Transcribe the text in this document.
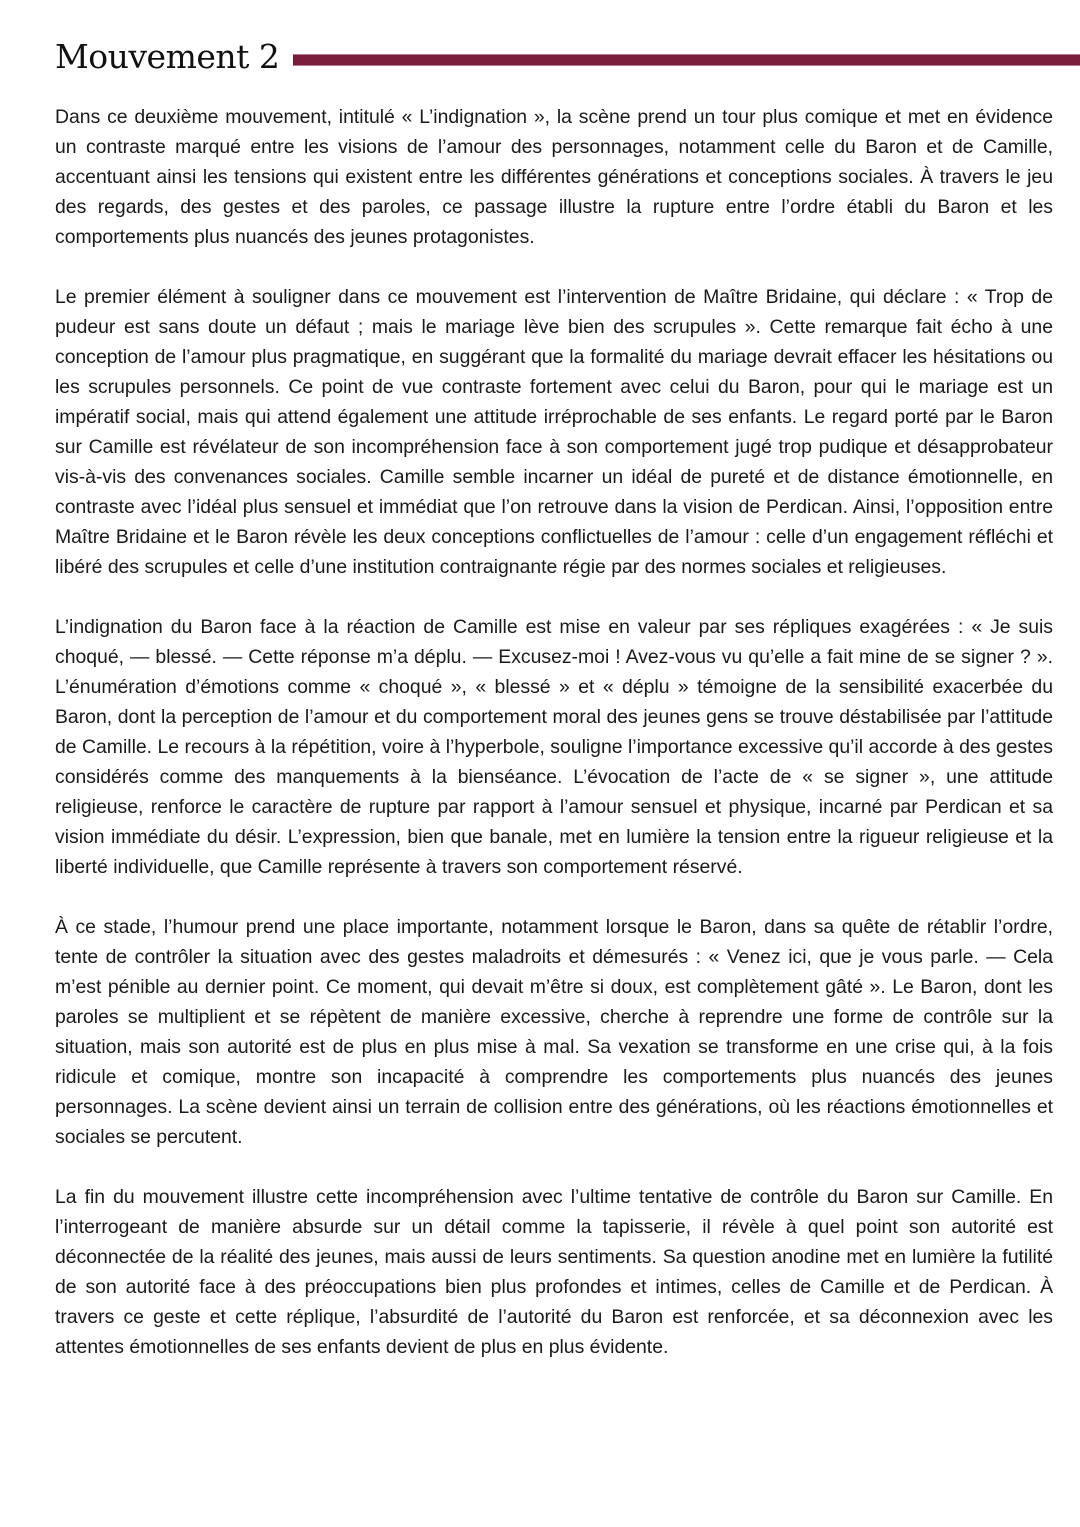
Mouvement 2

Dans ce deuxième mouvement, intitulé « L’indignation », la scène prend un tour plus comique et met en évidence un contraste marqué entre les visions de l’amour des personnages, notamment celle du Baron et de Camille, accentuant ainsi les tensions qui existent entre les différentes générations et conceptions sociales. À travers le jeu des regards, des gestes et des paroles, ce passage illustre la rupture entre l’ordre établi du Baron et les comportements plus nuancés des jeunes protagonistes.

Le premier élément à souligner dans ce mouvement est l’intervention de Maître Bridaine, qui déclare : « Trop de pudeur est sans doute un défaut ; mais le mariage lève bien des scrupules ». Cette remarque fait écho à une conception de l’amour plus pragmatique, en suggérant que la formalité du mariage devrait effacer les hésitations ou les scrupules personnels. Ce point de vue contraste fortement avec celui du Baron, pour qui le mariage est un impératif social, mais qui attend également une attitude irréprochable de ses enfants. Le regard porté par le Baron sur Camille est révélateur de son incompréhension face à son comportement jugé trop pudique et désapprobateur vis-à-vis des convenances sociales. Camille semble incarner un idéal de pureté et de distance émotionnelle, en contraste avec l’idéal plus sensuel et immédiat que l’on retrouve dans la vision de Perdican. Ainsi, l’opposition entre Maître Bridaine et le Baron révèle les deux conceptions conflictuelles de l’amour : celle d’un engagement réfléchi et libéré des scrupules et celle d’une institution contraignante régie par des normes sociales et religieuses.

L’indignation du Baron face à la réaction de Camille est mise en valeur par ses répliques exagérées : « Je suis choqué, — blessé. — Cette réponse m’a déplu. — Excusez-moi ! Avez-vous vu qu’elle a fait mine de se signer ? ». L’énumération d’émotions comme « choqué », « blessé » et « déplu » témoigne de la sensibilité exacerbée du Baron, dont la perception de l’amour et du comportement moral des jeunes gens se trouve déstabilisée par l’attitude de Camille. Le recours à la répétition, voire à l’hyperbole, souligne l’importance excessive qu’il accorde à des gestes considérés comme des manquements à la bienséance. L’évocation de l’acte de « se signer », une attitude religieuse, renforce le caractère de rupture par rapport à l’amour sensuel et physique, incarné par Perdican et sa vision immédiate du désir. L’expression, bien que banale, met en lumière la tension entre la rigueur religieuse et la liberté individuelle, que Camille représente à travers son comportement réservé.

À ce stade, l’humour prend une place importante, notamment lorsque le Baron, dans sa quête de rétablir l’ordre, tente de contrôler la situation avec des gestes maladroits et démesurés : « Venez ici, que je vous parle. — Cela m’est pénible au dernier point. Ce moment, qui devait m’être si doux, est complètement gâté ». Le Baron, dont les paroles se multiplient et se répètent de manière excessive, cherche à reprendre une forme de contrôle sur la situation, mais son autorité est de plus en plus mise à mal. Sa vexation se transforme en une crise qui, à la fois ridicule et comique, montre son incapacité à comprendre les comportements plus nuancés des jeunes personnages. La scène devient ainsi un terrain de collision entre des générations, où les réactions émotionnelles et sociales se percutent.

La fin du mouvement illustre cette incompréhension avec l’ultime tentative de contrôle du Baron sur Camille. En l’interrogeant de manière absurde sur un détail comme la tapisserie, il révèle à quel point son autorité est déconnectée de la réalité des jeunes, mais aussi de leurs sentiments. Sa question anodine met en lumière la futilité de son autorité face à des préoccupations bien plus profondes et intimes, celles de Camille et de Perdican. À travers ce geste et cette réplique, l’absurdité de l’autorité du Baron est renforcée, et sa déconnexion avec les attentes émotionnelles de ses enfants devient de plus en plus évidente.
